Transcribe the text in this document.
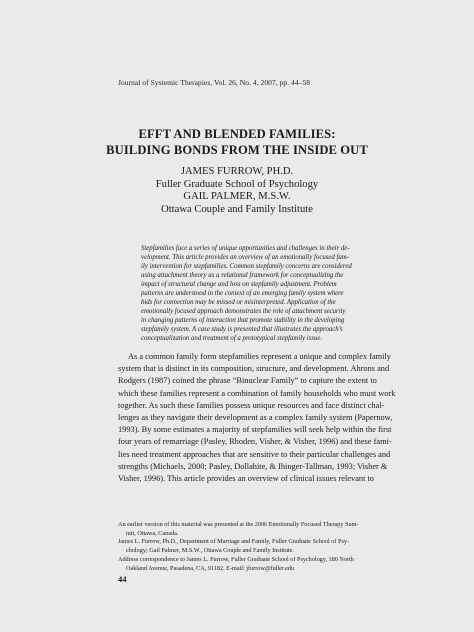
Journal of Systemic Therapies, Vol. 26, No. 4, 2007, pp. 44–58
EFFT AND BLENDED FAMILIES:
BUILDING BONDS FROM THE INSIDE OUT
JAMES FURROW, PH.D.
Fuller Graduate School of Psychology
GAIL PALMER, M.S.W.
Ottawa Couple and Family Institute
Stepfamilies face a series of unique opportunities and challenges in their de-
velopment. This article provides an overview of an emotionally focused fam-
ily intervention for stepfamilies. Common stepfamily concerns are considered
using attachment theory as a relational framework for conceptualizing the
impact of structural change and loss on stepfamily adjustment. Problem
patterns are understood in the context of an emerging family system where
bids for connection may be missed or misinterpreted. Application of the
emotionally focused approach demonstrates the role of attachment security
in changing patterns of interaction that promote stability in the developing
stepfamily system. A case study is presented that illustrates the approach’s
conceptualization and treatment of a prototypical stepfamily issue.
As a common family form stepfamilies represent a unique and complex family
system that is distinct in its composition, structure, and development. Ahrons and
Rodgers (1987) coined the phrase “Binuclear Family” to capture the extent to
which these families represent a combination of family households who must work
together. As such these families possess unique resources and face distinct chal-
lenges as they navigate their development as a complex family system (Papernow,
1993). By some estimates a majority of stepfamilies will seek help within the first
four years of remarriage (Pasley, Rhoden, Visher, & Visher, 1996) and these fami-
lies need treatment approaches that are sensitive to their particular challenges and
strengths (Michaels, 2000; Pasley, Dollahite, & Ihinger-Tallman, 1993; Visher &
Visher, 1996). This article provides an overview of clinical issues relevant to
An earlier version of this material was presented at the 2006 Emotionally Focused Therapy Sum-
mit, Ottawa, Canada.
James L. Furrow, Ph.D., Department of Marriage and Family, Fuller Graduate School of Psy-
chology; Gail Palmer, M.S.W., Ottawa Couple and Family Institute.
Address correspondence to James L. Furrow, Fuller Graduate School of Psychology, 180 North
Oakland Avenue, Pasadena, CA, 91182. E-mail: jfurrow@fuller.edu
44
